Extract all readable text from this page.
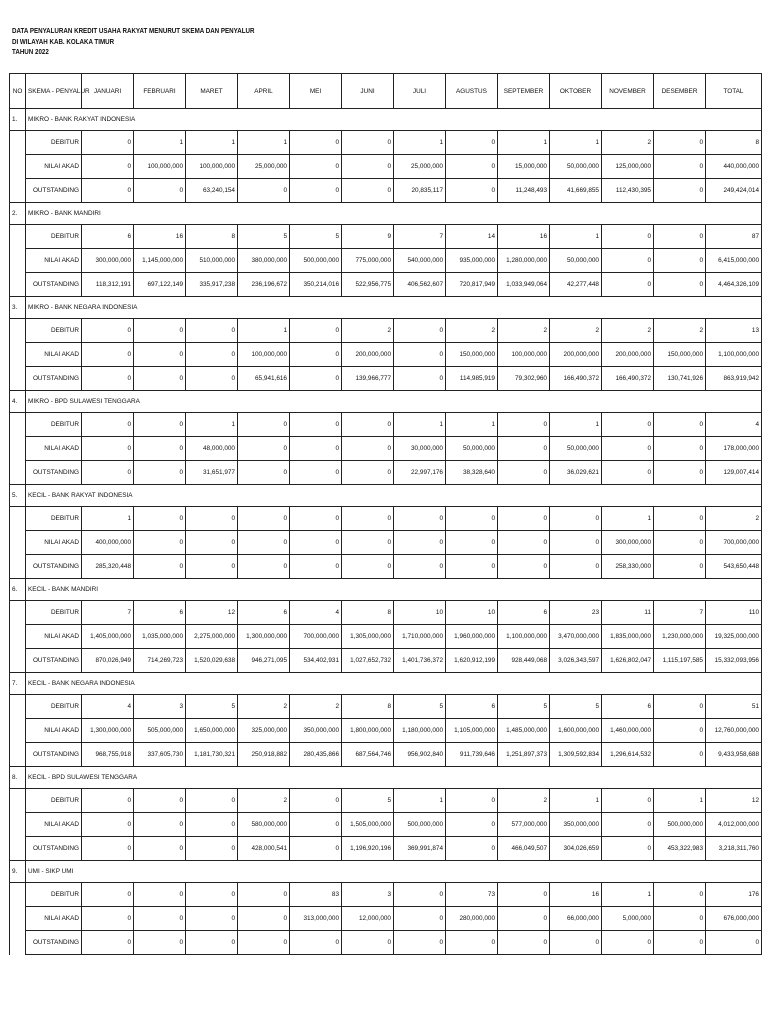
DATA PENYALURAN KREDIT USAHA RAKYAT MENURUT SKEMA DAN PENYALUR
DI WILAYAH KAB. KOLAKA TIMUR
TAHUN 2022
NO	SKEMA - PENYALUR	JANUARI	FEBRUARI	MARET	APRIL	MEI	JUNI	JULI	AGUSTUS	SEPTEMBER	OKTOBER	NOVEMBER	DESEMBER	TOTAL
1.	MIKRO - BANK RAKYAT INDONESIA													
	DEBITUR	0	1	1	1	0	0	1	0	1	1	2	0	8
	NILAI AKAD	0	100,000,000	100,000,000	25,000,000	0	0	25,000,000	0	15,000,000	50,000,000	125,000,000	0	440,000,000
	OUTSTANDING	0	0	63,240,154	0	0	0	20,835,117	0	11,248,493	41,669,855	112,430,395	0	249,424,014
2.	MIKRO - BANK MANDIRI													
	DEBITUR	6	16	8	5	5	9	7	14	16	1	0	0	87
	NILAI AKAD	300,000,000	1,145,000,000	510,000,000	380,000,000	500,000,000	775,000,000	540,000,000	935,000,000	1,280,000,000	50,000,000	0	0	6,415,000,000
	OUTSTANDING	118,312,191	697,122,149	335,917,238	236,196,672	350,214,016	522,956,775	406,562,607	720,817,949	1,033,949,064	42,277,448	0	0	4,464,326,109
3.	MIKRO - BANK NEGARA INDONESIA													
	DEBITUR	0	0	0	1	0	2	0	2	2	2	2	2	13
	NILAI AKAD	0	0	0	100,000,000	0	200,000,000	0	150,000,000	100,000,000	200,000,000	200,000,000	150,000,000	1,100,000,000
	OUTSTANDING	0	0	0	65,941,616	0	139,966,777	0	114,985,919	79,302,960	166,490,372	166,490,372	130,741,926	863,919,942
4.	MIKRO - BPD SULAWESI TENGGARA													
	DEBITUR	0	0	1	0	0	0	1	1	0	1	0	0	4
	NILAI AKAD	0	0	48,000,000	0	0	0	30,000,000	50,000,000	0	50,000,000	0	0	178,000,000
	OUTSTANDING	0	0	31,651,977	0	0	0	22,997,176	38,328,640	0	36,029,621	0	0	129,007,414
5.	KECIL - BANK RAKYAT INDONESIA													
	DEBITUR	1	0	0	0	0	0	0	0	0	0	1	0	2
	NILAI AKAD	400,000,000	0	0	0	0	0	0	0	0	0	300,000,000	0	700,000,000
	OUTSTANDING	285,320,448	0	0	0	0	0	0	0	0	0	258,330,000	0	543,650,448
6.	KECIL - BANK MANDIRI													
	DEBITUR	7	6	12	6	4	8	10	10	6	23	11	7	110
	NILAI AKAD	1,405,000,000	1,035,000,000	2,275,000,000	1,300,000,000	700,000,000	1,305,000,000	1,710,000,000	1,960,000,000	1,100,000,000	3,470,000,000	1,835,000,000	1,230,000,000	19,325,000,000
	OUTSTANDING	870,026,949	714,269,723	1,520,029,638	946,271,095	534,402,931	1,027,652,732	1,401,736,372	1,620,912,199	928,449,068	3,026,343,597	1,626,802,047	1,115,197,585	15,332,093,956
7.	KECIL - BANK NEGARA INDONESIA													
	DEBITUR	4	3	5	2	2	8	5	6	5	5	6	0	51
	NILAI AKAD	1,300,000,000	505,000,000	1,650,000,000	325,000,000	350,000,000	1,800,000,000	1,180,000,000	1,105,000,000	1,485,000,000	1,600,000,000	1,460,000,000	0	12,760,000,000
	OUTSTANDING	968,755,918	337,605,730	1,181,730,321	250,918,882	280,435,866	687,564,746	956,902,840	911,739,646	1,251,897,373	1,309,592,834	1,296,614,532	0	9,433,958,688
8.	KECIL - BPD SULAWESI TENGGARA													
	DEBITUR	0	0	0	2	0	5	1	0	2	1	0	1	12
	NILAI AKAD	0	0	0	580,000,000	0	1,505,000,000	500,000,000	0	577,000,000	350,000,000	0	500,000,000	4,012,000,000
	OUTSTANDING	0	0	0	428,000,541	0	1,196,920,196	369,991,874	0	466,049,507	304,026,659	0	453,322,983	3,218,311,760
9.	UMI - SIKP UMI													
	DEBITUR	0	0	0	0	83	3	0	73	0	16	1	0	176
	NILAI AKAD	0	0	0	0	313,000,000	12,000,000	0	280,000,000	0	66,000,000	5,000,000	0	676,000,000
	OUTSTANDING	0	0	0	0	0	0	0	0	0	0	0	0	0
